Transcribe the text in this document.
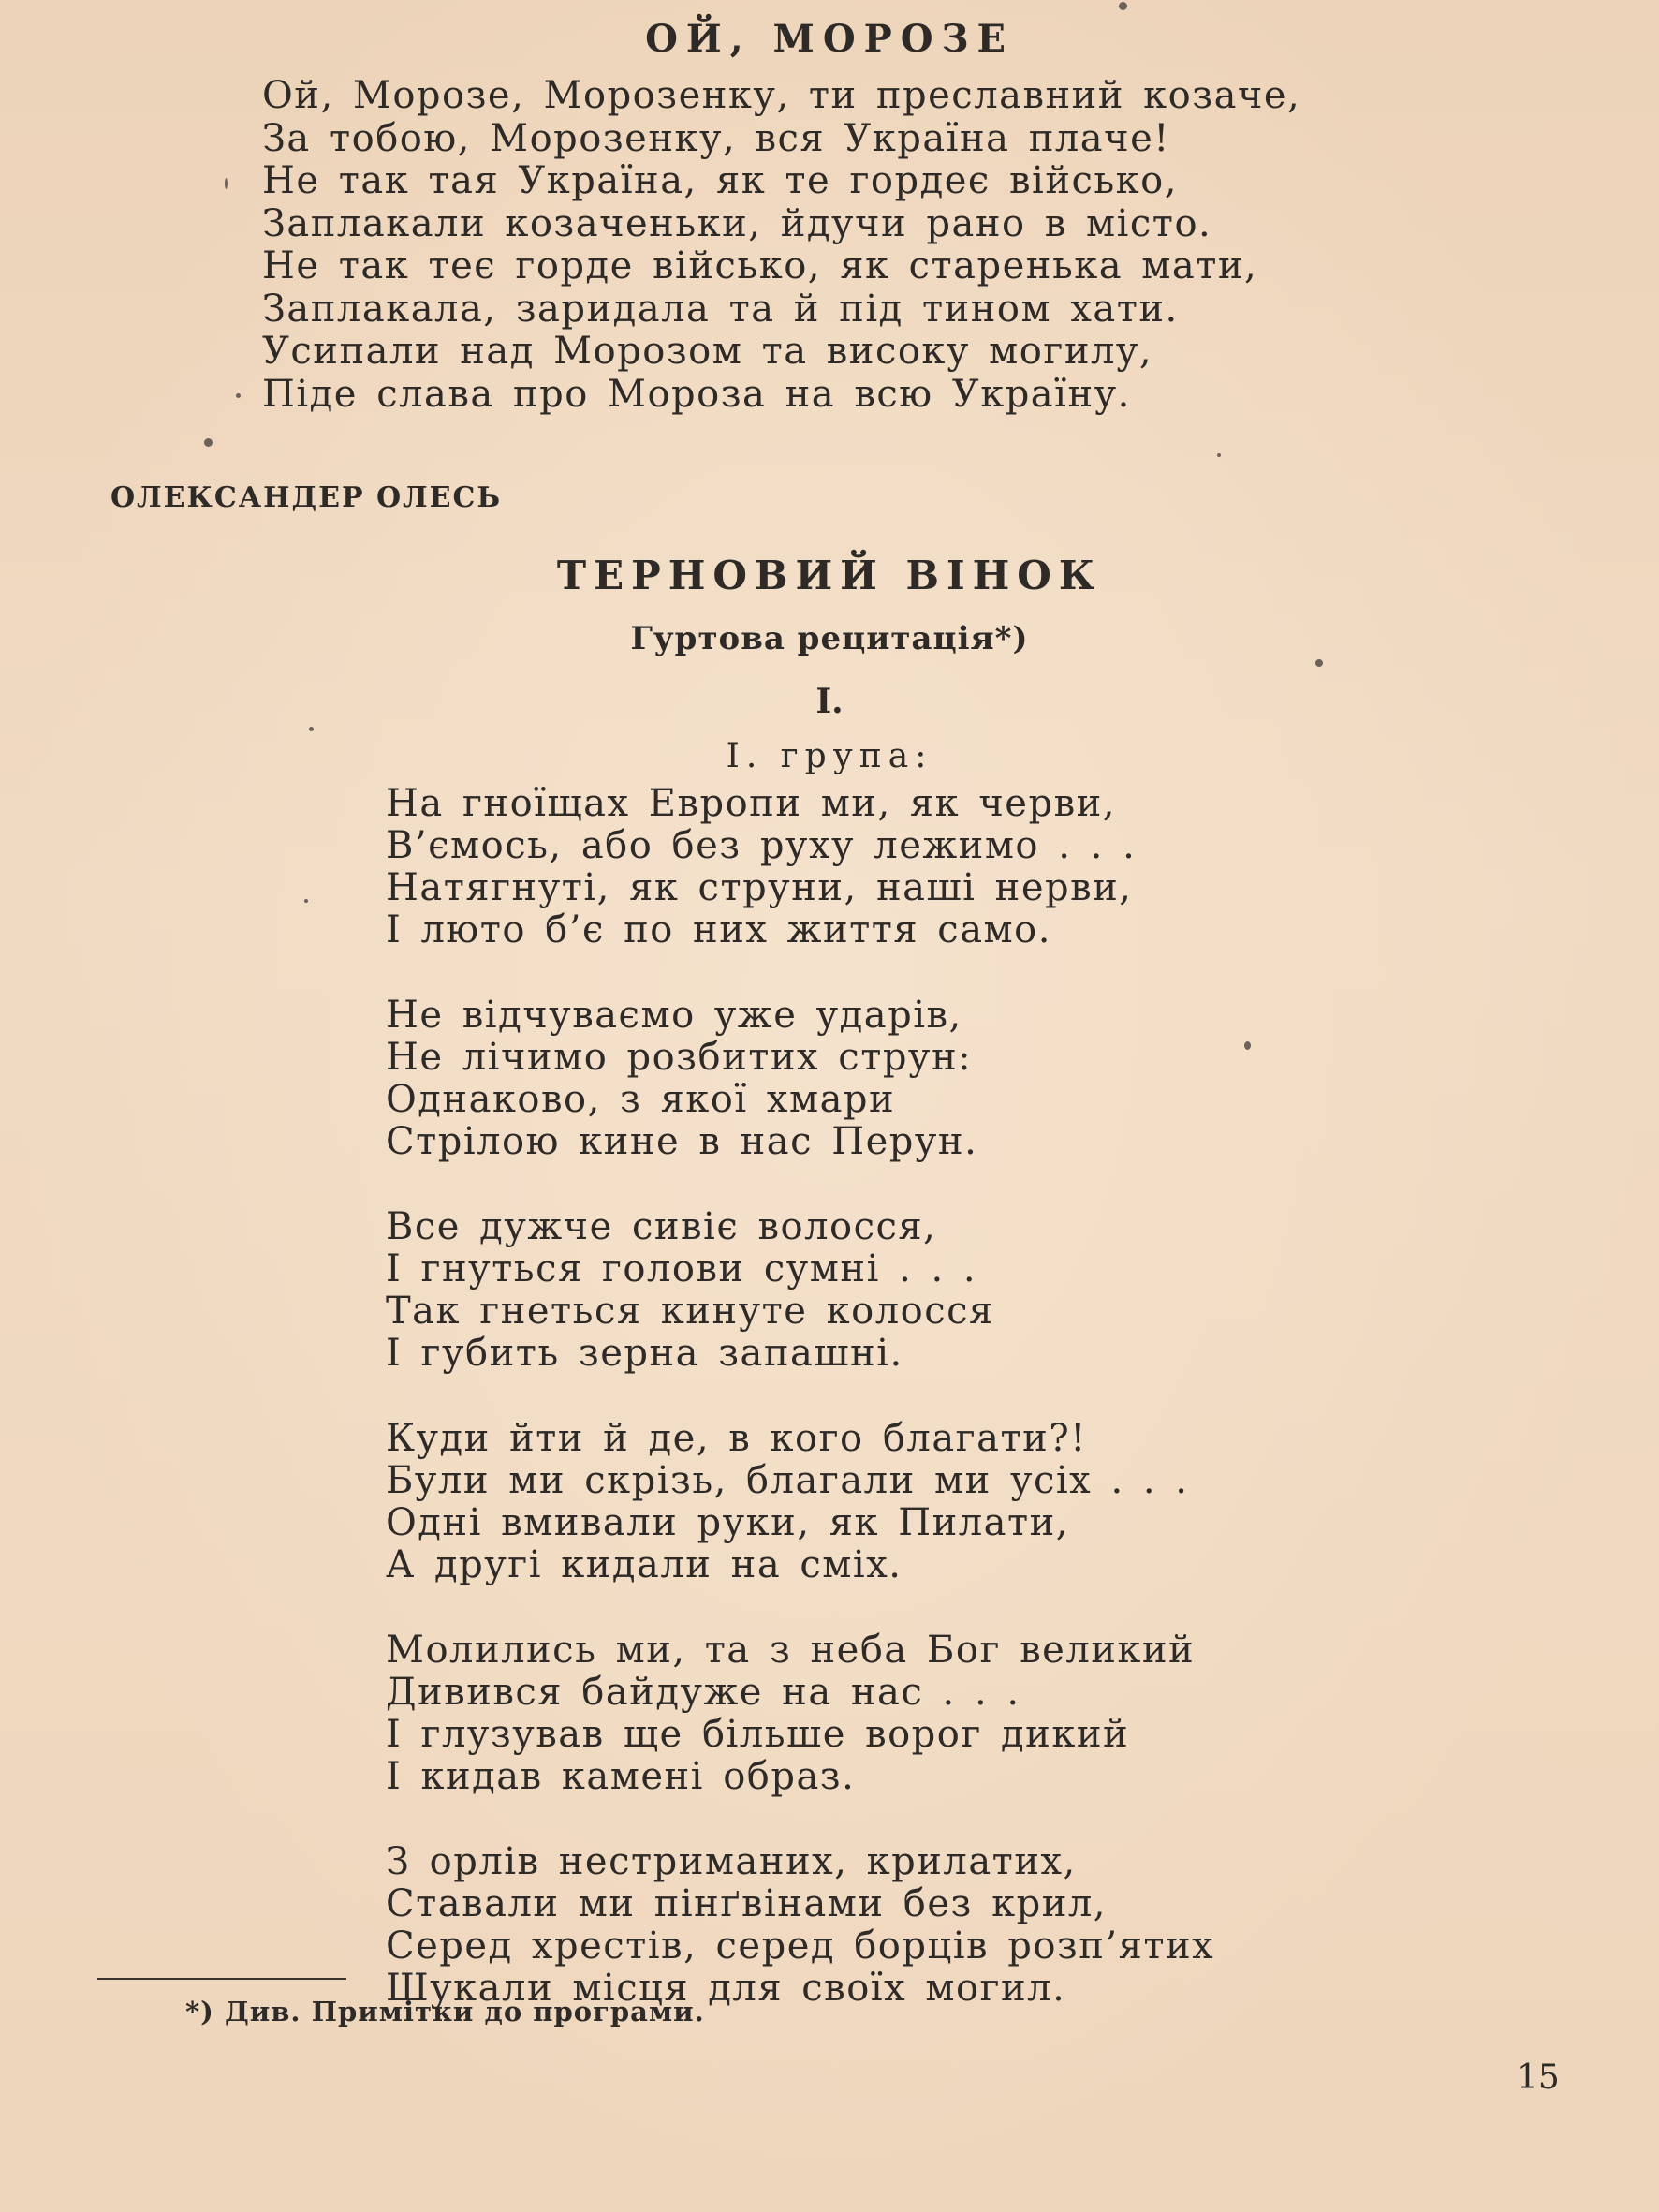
ОЙ, МОРОЗЕ
Ой, Морозе, Морозенку, ти преславний козаче,
За тобою, Морозенку, вся Україна плаче!
Не так тая Україна, як те гордеє військо,
Заплакали козаченьки, йдучи рано в місто.
Не так теє горде військо, як старенька мати,
Заплакала, заридала та й під тином хати.
Усипали над Морозом та високу могилу,
Піде слава про Мороза на всю Україну.
ОЛЕКСАНДЕР ОЛЕСЬ
ТЕРНОВИЙ ВІНОК
Гуртова рецитація*)
I.
I. група:
На гноїщах Европи ми, як черви,
В’ємось, або без руху лежимо . . .
Натягнуті, як струни, наші нерви,
І люто б’є по них життя само.
Не відчуваємо уже ударів,
Не лічимо розбитих струн:
Однаково, з якої хмари
Стрілою кине в нас Перун.
Все дужче сивіє волосся,
І гнуться голови сумні . . .
Так гнеться кинуте колосся
І губить зерна запашні.
Куди йти й де, в кого благати?!
Були ми скрізь, благали ми усіх . . .
Одні вмивали руки, як Пилати,
А другі кидали на сміх.
Молились ми, та з неба Бог великий
Дивився байдуже на нас . . .
І глузував ще більше ворог дикий
І кидав камені образ.
З орлів нестриманих, крилатих,
Ставали ми пінґвінами без крил,
Серед хрестів, серед борців розп’ятих
Шукали місця для своїх могил.
*) Див. Примітки до програми.
15
